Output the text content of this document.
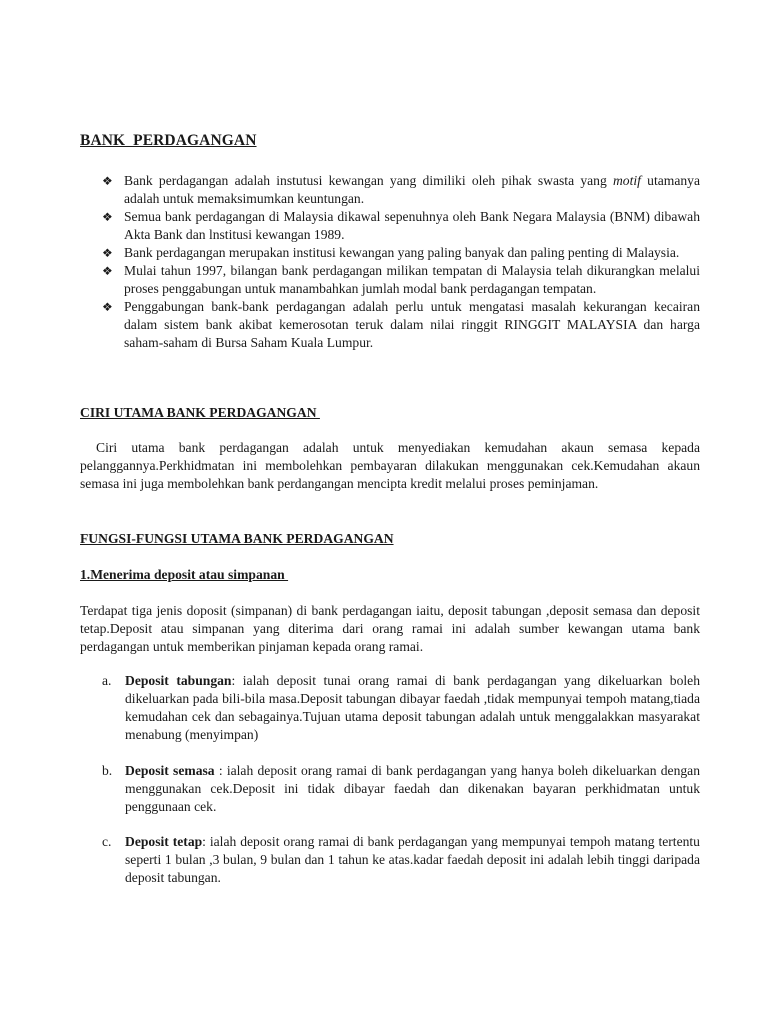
BANK  PERDAGANGAN
❖ Bank perdagangan adalah instutusi kewangan yang dimiliki oleh pihak swasta yang motif utamanya adalah untuk memaksimumkan keuntungan.
❖ Semua bank perdagangan di Malaysia dikawal sepenuhnya oleh Bank Negara Malaysia (BNM) dibawah Akta Bank dan lnstitusi kewangan 1989.
❖ Bank perdagangan merupakan institusi kewangan yang paling banyak dan paling penting di Malaysia.
❖ Mulai tahun 1997, bilangan bank perdagangan milikan tempatan di Malaysia telah dikurangkan melalui proses penggabungan untuk manambahkan jumlah modal bank perdagangan tempatan.
❖ Penggabungan bank-bank perdagangan adalah perlu untuk mengatasi masalah kekurangan kecairan dalam sistem bank akibat kemerosotan teruk dalam nilai ringgit RINGGIT MALAYSIA dan harga saham-saham di Bursa Saham Kuala Lumpur.
CIRI UTAMA BANK PERDAGANGAN

Ciri utama bank perdagangan adalah untuk menyediakan kemudahan akaun semasa kepada pelanggannya.Perkhidmatan ini membolehkan pembayaran dilakukan menggunakan cek.Kemudahan akaun semasa ini juga membolehkan bank perdangangan mencipta kredit melalui proses peminjaman.

FUNGSI-FUNGSI UTAMA BANK PERDAGANGAN
1.Menerima deposit atau simpanan

Terdapat tiga jenis doposit (simpanan) di bank perdagangan iaitu, deposit tabungan ,deposit semasa dan deposit tetap.Deposit atau simpanan yang diterima dari orang ramai ini adalah sumber kewangan utama bank perdagangan untuk memberikan pinjaman kepada orang ramai.

a. Deposit tabungan: ialah deposit tunai orang ramai di bank perdagangan yang dikeluarkan boleh dikeluarkan pada bili-bila masa.Deposit tabungan dibayar faedah ,tidak mempunyai tempoh matang,tiada kemudahan cek dan sebagainya.Tujuan utama deposit tabungan adalah untuk menggalakkan masyarakat menabung (menyimpan)
b. Deposit semasa : ialah deposit orang ramai di bank perdagangan yang hanya boleh dikeluarkan dengan menggunakan cek.Deposit ini tidak dibayar faedah dan dikenakan bayaran perkhidmatan untuk penggunaan cek.
c. Deposit tetap: ialah deposit orang ramai di bank perdagangan yang mempunyai tempoh matang tertentu seperti 1 bulan ,3 bulan, 9 bulan dan 1 tahun ke atas.kadar faedah deposit ini adalah lebih tinggi daripada deposit tabungan.
